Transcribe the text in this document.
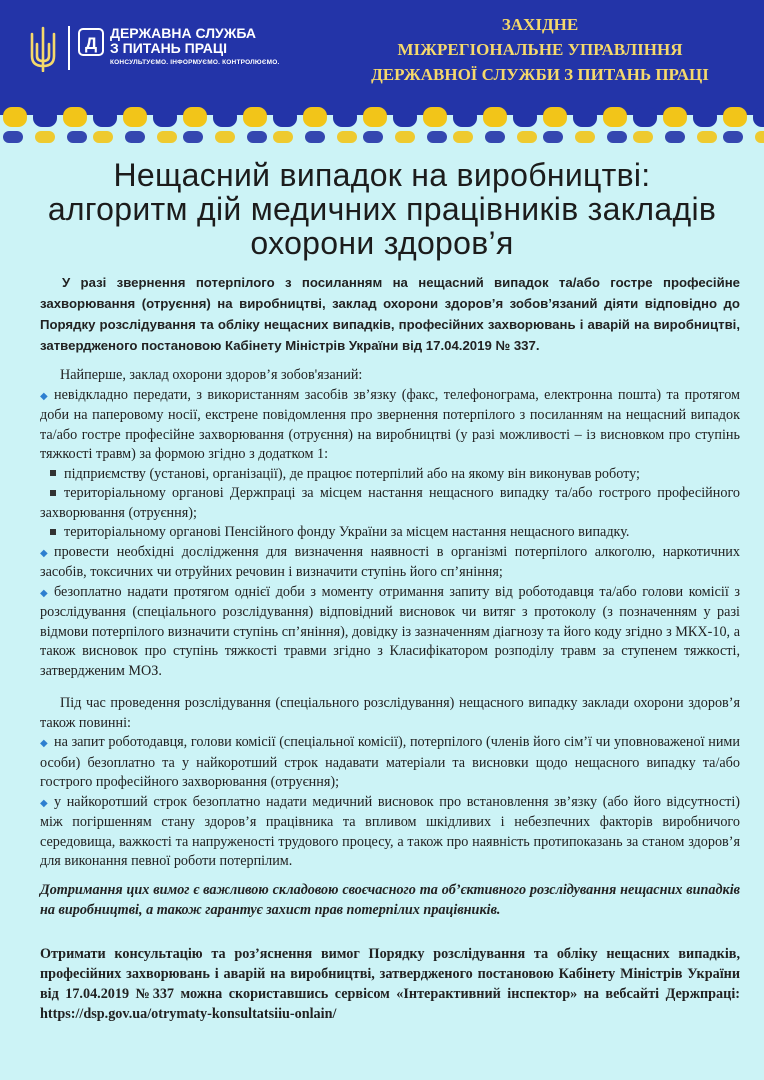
Д
ДЕРЖАВНА СЛУЖБА
З ПИТАНЬ ПРАЦІ
КОНСУЛЬТУЄМО. ІНФОРМУЄМО. КОНТРОЛЮЄМО.
ЗАХІДНЕ
МІЖРЕГІОНАЛЬНЕ УПРАВЛІННЯ
ДЕРЖАВНОЇ СЛУЖБИ З ПИТАНЬ ПРАЦІ
Нещасний випадок на виробництві:
алгоритм дій медичних працівників закладів
охорони здоров’я
У разі звернення потерпілого з посиланням на нещасний випадок та/або гостре професійне захворювання (отруєння) на виробництві, заклад охорони здоров’я зобов’язаний діяти відповідно до Порядку розслідування та обліку нещасних випадків, професійних захворювань і аварій на виробництві, затвердженого постановою Кабінету Міністрів України від 17.04.2019 № 337.
Найперше, заклад охорони здоров’я зобов'язаний:
◆ невідкладно передати, з використанням засобів зв’язку (факс, телефонограма, електронна пошта) та протягом доби на паперовому носії, екстрене повідомлення про звернення потерпілого з посиланням на нещасний випадок та/або гостре професійне захворювання (отруєння) на виробництві (у разі можливості – із висновком про ступінь тяжкості травм) за формою згідно з додатком 1:
підприємству (установі, організації), де працює потерпілий або на якому він виконував роботу;
територіальному органові Держпраці за місцем настання нещасного випадку та/або гострого професійного захворювання (отруєння);
територіальному органові Пенсійного фонду України за місцем настання нещасного випадку.
◆ провести необхідні дослідження для визначення наявності в організмі потерпілого алкоголю, наркотичних засобів, токсичних чи отруйних речовин і визначити ступінь його сп’яніння;
◆ безоплатно надати протягом однієї доби з моменту отримання запиту від роботодавця та/або голови комісії з розслідування (спеціального розслідування) відповідний висновок чи витяг з протоколу (з позначенням у разі відмови потерпілого визначити ступінь сп’яніння), довідку із зазначенням діагнозу та його коду згідно з МКХ-10, а також висновок про ступінь тяжкості травми згідно з Класифікатором розподілу травм за ступенем тяжкості, затвердженим МОЗ.
Під час проведення розслідування (спеціального розслідування) нещасного випадку заклади охорони здоров’я також повинні:
◆ на запит роботодавця, голови комісії (спеціальної комісії), потерпілого (членів його сім’ї чи уповноваженої ними особи) безоплатно та у найкоротший строк надавати матеріали та висновки щодо нещасного випадку та/або гострого професійного захворювання (отруєння);
◆ у найкоротший строк безоплатно надати медичний висновок про встановлення зв’язку (або його відсутності) між погіршенням стану здоров’я працівника та впливом шкідливих і небезпечних факторів виробничого середовища, важкості та напруженості трудового процесу, а також про наявність протипоказань за станом здоров’я для виконання певної роботи потерпілим.
Дотримання цих вимог є важливою складовою своєчасного та об’єктивного розслідування нещасних випадків на виробництві, а також гарантує захист прав потерпілих працівників.
Отримати консультацію та роз’яснення вимог Порядку розслідування та обліку нещасних випадків, професійних захворювань і аварій на виробництві, затвердженого постановою Кабінету Міністрів України від 17.04.2019 №337 можна скориставшись сервісом «Інтерактивний інспектор» на вебсайті Держпраці: https://dsp.gov.ua/otrymaty-konsultatsiiu-onlain/
